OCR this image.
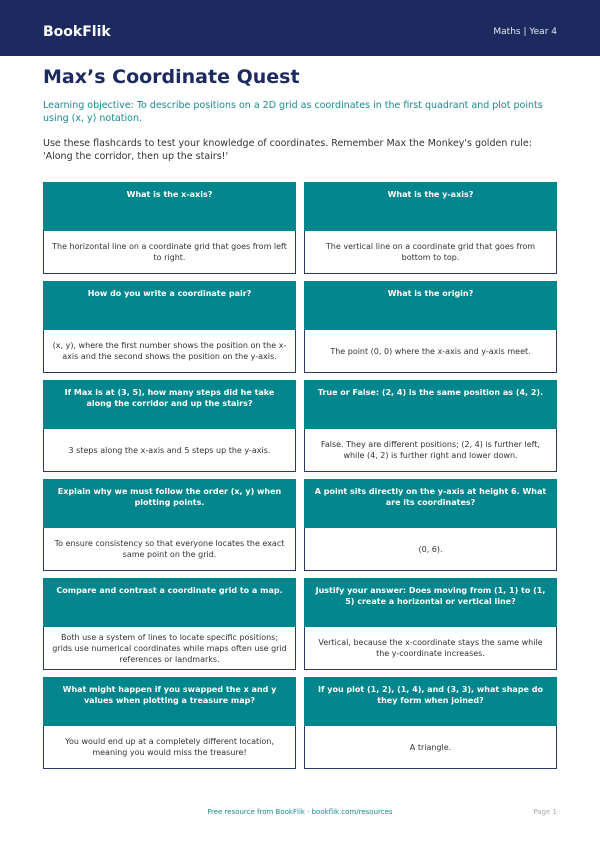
BookFlik	Maths | Year 4
Max’s Coordinate Quest
Learning objective: To describe positions on a 2D grid as coordinates in the first quadrant and plot points using (x, y) notation.
Use these flashcards to test your knowledge of coordinates. Remember Max the Monkey's golden rule: 'Along the corridor, then up the stairs!'
What is the x-axis?
The horizontal line on a coordinate grid that goes from left to right.
What is the y-axis?
The vertical line on a coordinate grid that goes from bottom to top.
How do you write a coordinate pair?
(x, y), where the first number shows the position on the x-axis and the second shows the position on the y-axis.
What is the origin?
The point (0, 0) where the x-axis and y-axis meet.
If Max is at (3, 5), how many steps did he take along the corridor and up the stairs?
3 steps along the x-axis and 5 steps up the y-axis.
True or False: (2, 4) is the same position as (4, 2).
False. They are different positions; (2, 4) is further left, while (4, 2) is further right and lower down.
Explain why we must follow the order (x, y) when plotting points.
To ensure consistency so that everyone locates the exact same point on the grid.
A point sits directly on the y-axis at height 6. What are its coordinates?
(0, 6).
Compare and contrast a coordinate grid to a map.
Both use a system of lines to locate specific positions; grids use numerical coordinates while maps often use grid references or landmarks.
Justify your answer: Does moving from (1, 1) to (1, 5) create a horizontal or vertical line?
Vertical, because the x-coordinate stays the same while the y-coordinate increases.
What might happen if you swapped the x and y values when plotting a treasure map?
You would end up at a completely different location, meaning you would miss the treasure!
If you plot (1, 2), (1, 4), and (3, 3), what shape do they form when joined?
A triangle.
Free resource from BookFlik · bookflik.com/resources	Page 1
